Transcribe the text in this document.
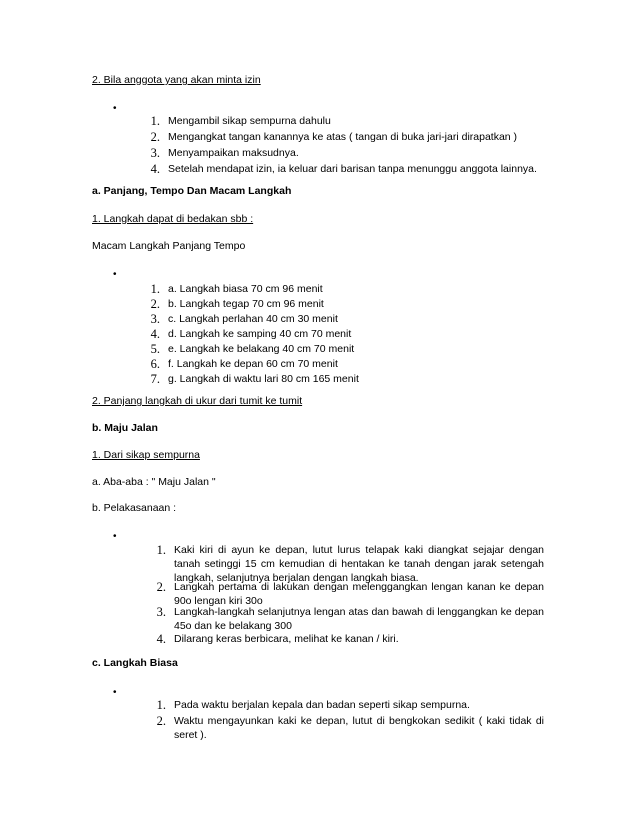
2. Bila anggota yang akan minta izin

•
1. Mengambil sikap sempurna dahulu
2. Mengangkat tangan kanannya ke atas ( tangan di buka jari-jari dirapatkan )
3. Menyampaikan maksudnya.
4. Setelah mendapat izin, ia keluar dari barisan tanpa menunggu anggota lainnya.

a. Panjang, Tempo Dan Macam Langkah

1. Langkah dapat di bedakan sbb :

Macam Langkah Panjang Tempo

•
1. a. Langkah biasa 70 cm 96 menit
2. b. Langkah tegap 70 cm 96 menit
3. c. Langkah perlahan 40 cm 30 menit
4. d. Langkah ke samping 40 cm 70 menit
5. e. Langkah ke belakang 40 cm 70 menit
6. f. Langkah ke depan 60 cm 70 menit
7. g. Langkah di waktu lari 80 cm 165 menit

2. Panjang langkah di ukur dari tumit ke tumit

b. Maju Jalan

1. Dari sikap sempurna

a. Aba-aba : " Maju Jalan "

b. Pelakasanaan :

•
1. Kaki kiri di ayun ke depan, lutut lurus telapak kaki diangkat sejajar dengan tanah setinggi 15 cm kemudian di hentakan ke tanah dengan jarak setengah langkah, selanjutnya berjalan dengan langkah biasa.
2. Langkah pertama di lakukan dengan melenggangkan lengan kanan ke depan 90o lengan kiri 30o
3. Langkah-langkah selanjutnya lengan atas dan bawah di lenggangkan ke depan 45o dan ke belakang 300
4. Dilarang keras berbicara, melihat ke kanan / kiri.

c. Langkah Biasa

•
1. Pada waktu berjalan kepala dan badan seperti sikap sempurna.
2. Waktu mengayunkan kaki ke depan, lutut di bengkokan sedikit ( kaki tidak di seret ).
